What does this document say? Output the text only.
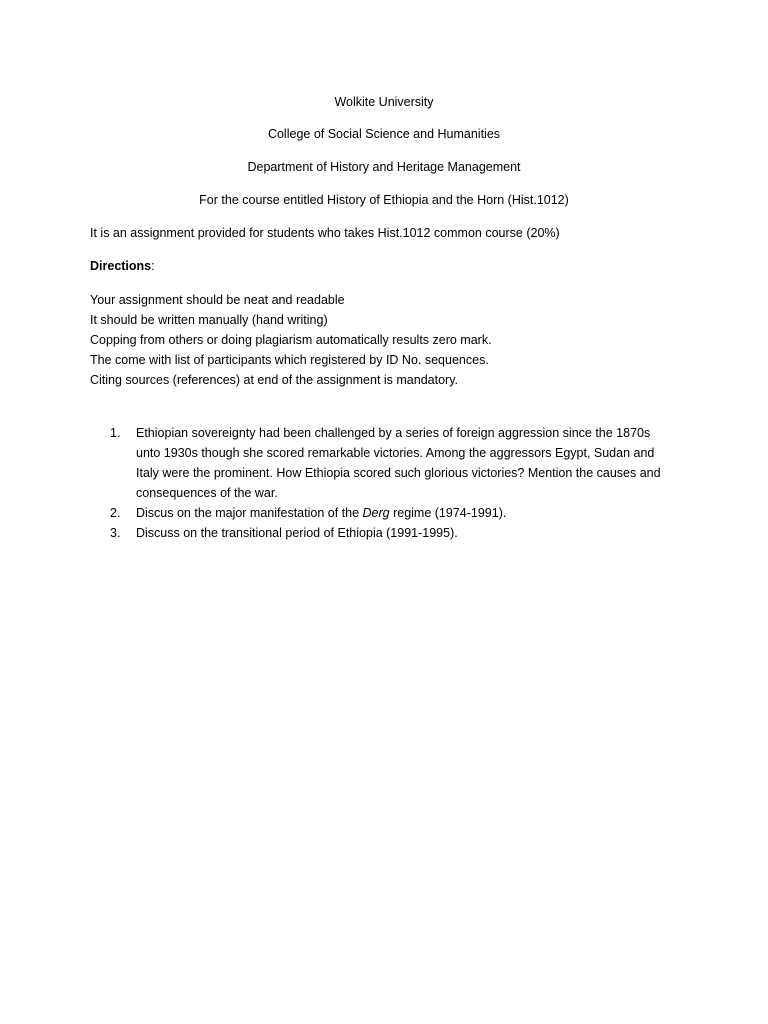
Wolkite University
College of Social Science and Humanities
Department of History and Heritage Management
For the course entitled History of Ethiopia and the Horn (Hist.1012)
It is an assignment provided for students who takes Hist.1012 common course (20%)
Directions:
Your assignment should be neat and readable
It should be written manually (hand writing)
Copping from others or doing plagiarism automatically results zero mark.
The come with list of participants which registered by ID No. sequences.
Citing sources (references) at end of the assignment is mandatory.
1. Ethiopian sovereignty had been challenged by a series of foreign aggression since the 1870s
unto 1930s though she scored remarkable victories. Among the aggressors Egypt, Sudan and
Italy were the prominent. How Ethiopia scored such glorious victories? Mention the causes and
consequences of the war.
2. Discus on the major manifestation of the Derg regime (1974-1991).
3. Discuss on the transitional period of Ethiopia (1991-1995).
